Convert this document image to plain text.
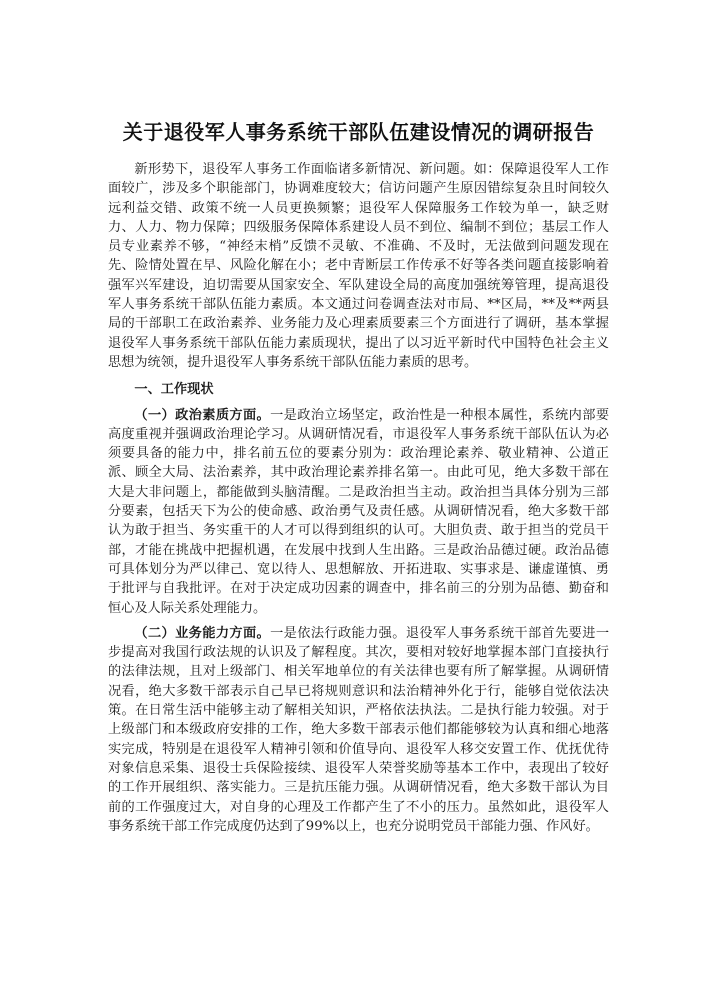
关于退役军人事务系统干部队伍建设情况的调研报告

新形势下，退役军人事务工作面临诸多新情况、新问题。如：保障退役军人工作面较广，涉及多个职能部门，协调难度较大；信访问题产生原因错综复杂且时间较久远利益交错、政策不统一人员更换频繁；退役军人保障服务工作较为单一，缺乏财力、人力、物力保障；四级服务保障体系建设人员不到位、编制不到位；基层工作人员专业素养不够，“神经末梢”反馈不灵敏、不准确、不及时，无法做到问题发现在先、险情处置在早、风险化解在小；老中青断层工作传承不好等各类问题直接影响着强军兴军建设，迫切需要从国家安全、军队建设全局的高度加强统筹管理，提高退役军人事务系统干部队伍能力素质。本文通过问卷调查法对市局、**区局，**及**两县局的干部职工在政治素养、业务能力及心理素质要素三个方面进行了调研，基本掌握退役军人事务系统干部队伍能力素质现状，提出了以习近平新时代中国特色社会主义思想为统领，提升退役军人事务系统干部队伍能力素质的思考。

一、工作现状

（一）政治素质方面。一是政治立场坚定，政治性是一种根本属性，系统内部要高度重视并强调政治理论学习。从调研情况看，市退役军人事务系统干部队伍认为必须要具备的能力中，排名前五位的要素分别为：政治理论素养、敬业精神、公道正派、顾全大局、法治素养，其中政治理论素养排名第一。由此可见，绝大多数干部在大是大非问题上，都能做到头脑清醒。二是政治担当主动。政治担当具体分别为三部分要素，包括天下为公的使命感、政治勇气及责任感。从调研情况看，绝大多数干部认为敢于担当、务实重干的人才可以得到组织的认可。大胆负责、敢于担当的党员干部，才能在挑战中把握机遇，在发展中找到人生出路。三是政治品德过硬。政治品德可具体划分为严以律己、宽以待人、思想解放、开拓进取、实事求是、谦虚谨慎、勇于批评与自我批评。在对于决定成功因素的调查中，排名前三的分别为品德、勤奋和恒心及人际关系处理能力。

（二）业务能力方面。一是依法行政能力强。退役军人事务系统干部首先要进一步提高对我国行政法规的认识及了解程度。其次，要相对较好地掌握本部门直接执行的法律法规，且对上级部门、相关军地单位的有关法律也要有所了解掌握。从调研情况看，绝大多数干部表示自己早已将规则意识和法治精神外化于行，能够自觉依法决策。在日常生活中能够主动了解相关知识，严格依法执法。二是执行能力较强。对于上级部门和本级政府安排的工作，绝大多数干部表示他们都能够较为认真和细心地落实完成，特别是在退役军人精神引领和价值导向、退役军人移交安置工作、优抚优待对象信息采集、退役士兵保险接续、退役军人荣誉奖励等基本工作中，表现出了较好的工作开展组织、落实能力。三是抗压能力强。从调研情况看，绝大多数干部认为目前的工作强度过大，对自身的心理及工作都产生了不小的压力。虽然如此，退役军人事务系统干部工作完成度仍达到了99%以上，也充分说明党员干部能力强、作风好。
